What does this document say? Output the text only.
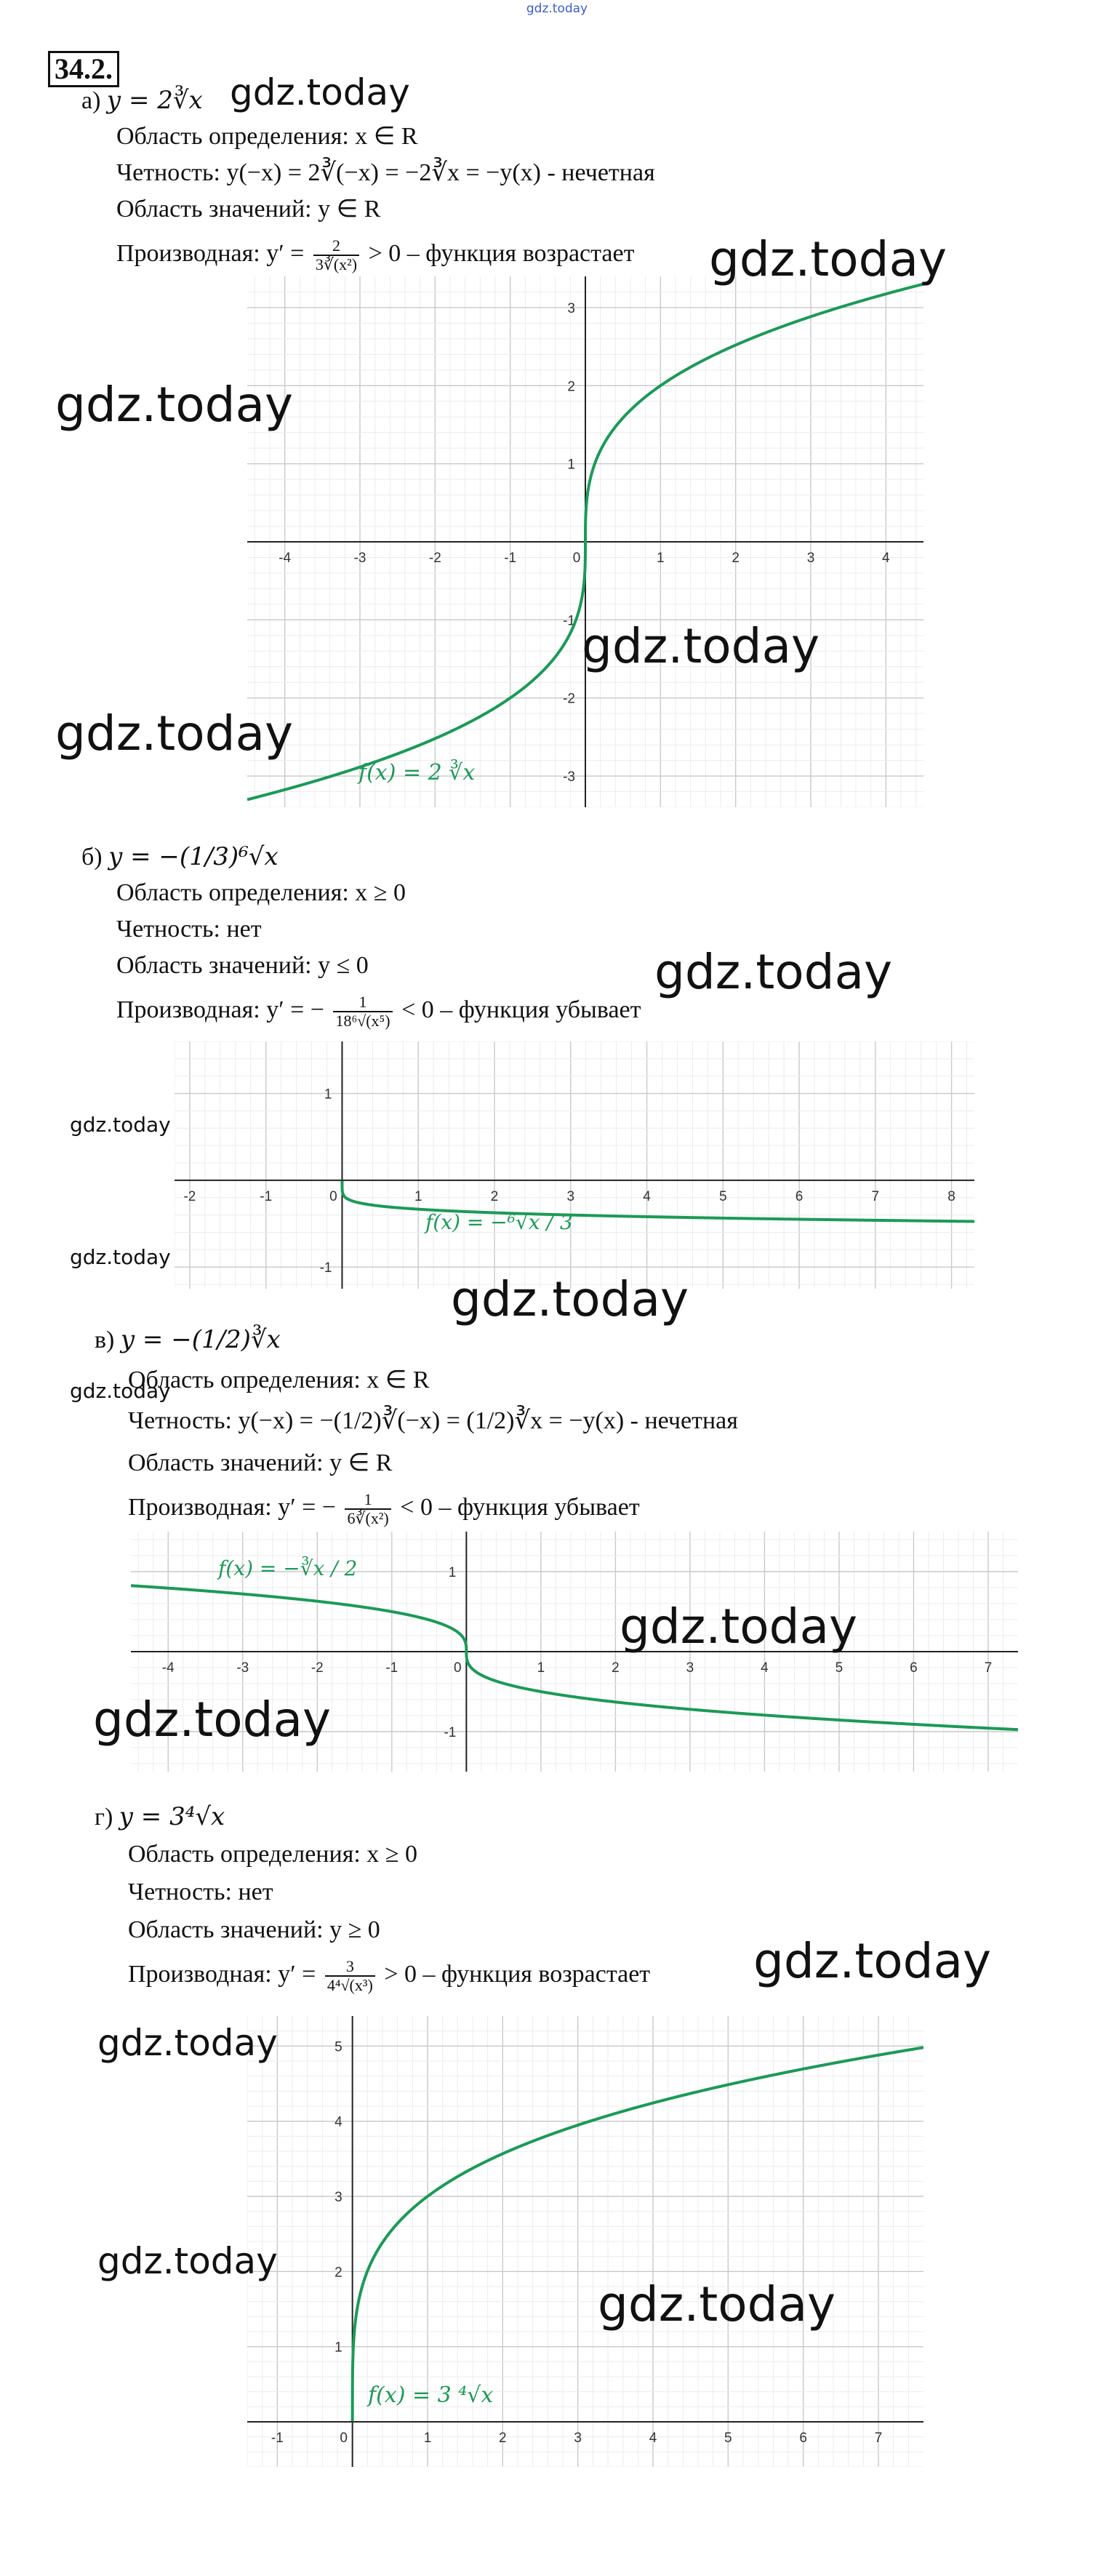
gdz.today
34.2.
а) y = 2∛x
Область определения: x ∈ R
Четность: y(−x) = 2∛(−x) = −2∛x = −y(x) - нечетная
Область значений: y ∈ R
Производная: $y' = \frac{2}{\text{3∛(x²)}} > 0$ – функция возрастает
-4	-3	-2	-1	0	1	2	3	4
-3
-2
-1
1
2
3
f(x) = 2 ∛x
б) y = −(1/3)⁶√x
Область определения: x ≥ 0
Четность: нет
Область значений: y ≤ 0
Производная: y′ = − $\frac{1}{\text{18⁶√(x⁵)}} < 0$ – функция убывает
-2	-1	0	1	2	3	4	5	6	7	8
-1
1
f(x) = −⁶√x / 3
в) y = −(1/2)∛x
Область определения: x ∈ R
Четность: y(−x) = −(1/2)∛(−x) = (1/2)∛x = −y(x) - нечетная
Область значений: y ∈ R
Производная: y′ = − $\frac{1}{\text{6∛(x²)}} < 0$ – функция убывает
-4	-3	-2	-1	0	1	2	3	4	5	6	7
-1
1
f(x) = −∛x / 2
г) y = 3⁴√x
Область определения: x ≥ 0
Четность: нет
Область значений: y ≥ 0
Производная: $y' = \frac{3}{\text{4⁴√(x³)}} > 0$ – функция возрастает
-1	0	1	2	3	4	5	6	7
1
2
3
4
5
f(x) = 3 ⁴√x
gdz.today
gdz.today
gdz.today
gdz.today
gdz.today
gdz.today
gdz.today
gdz.today
gdz.today
gdz.today
gdz.today
gdz.today
gdz.today
gdz.today
gdz.today
gdz.today
